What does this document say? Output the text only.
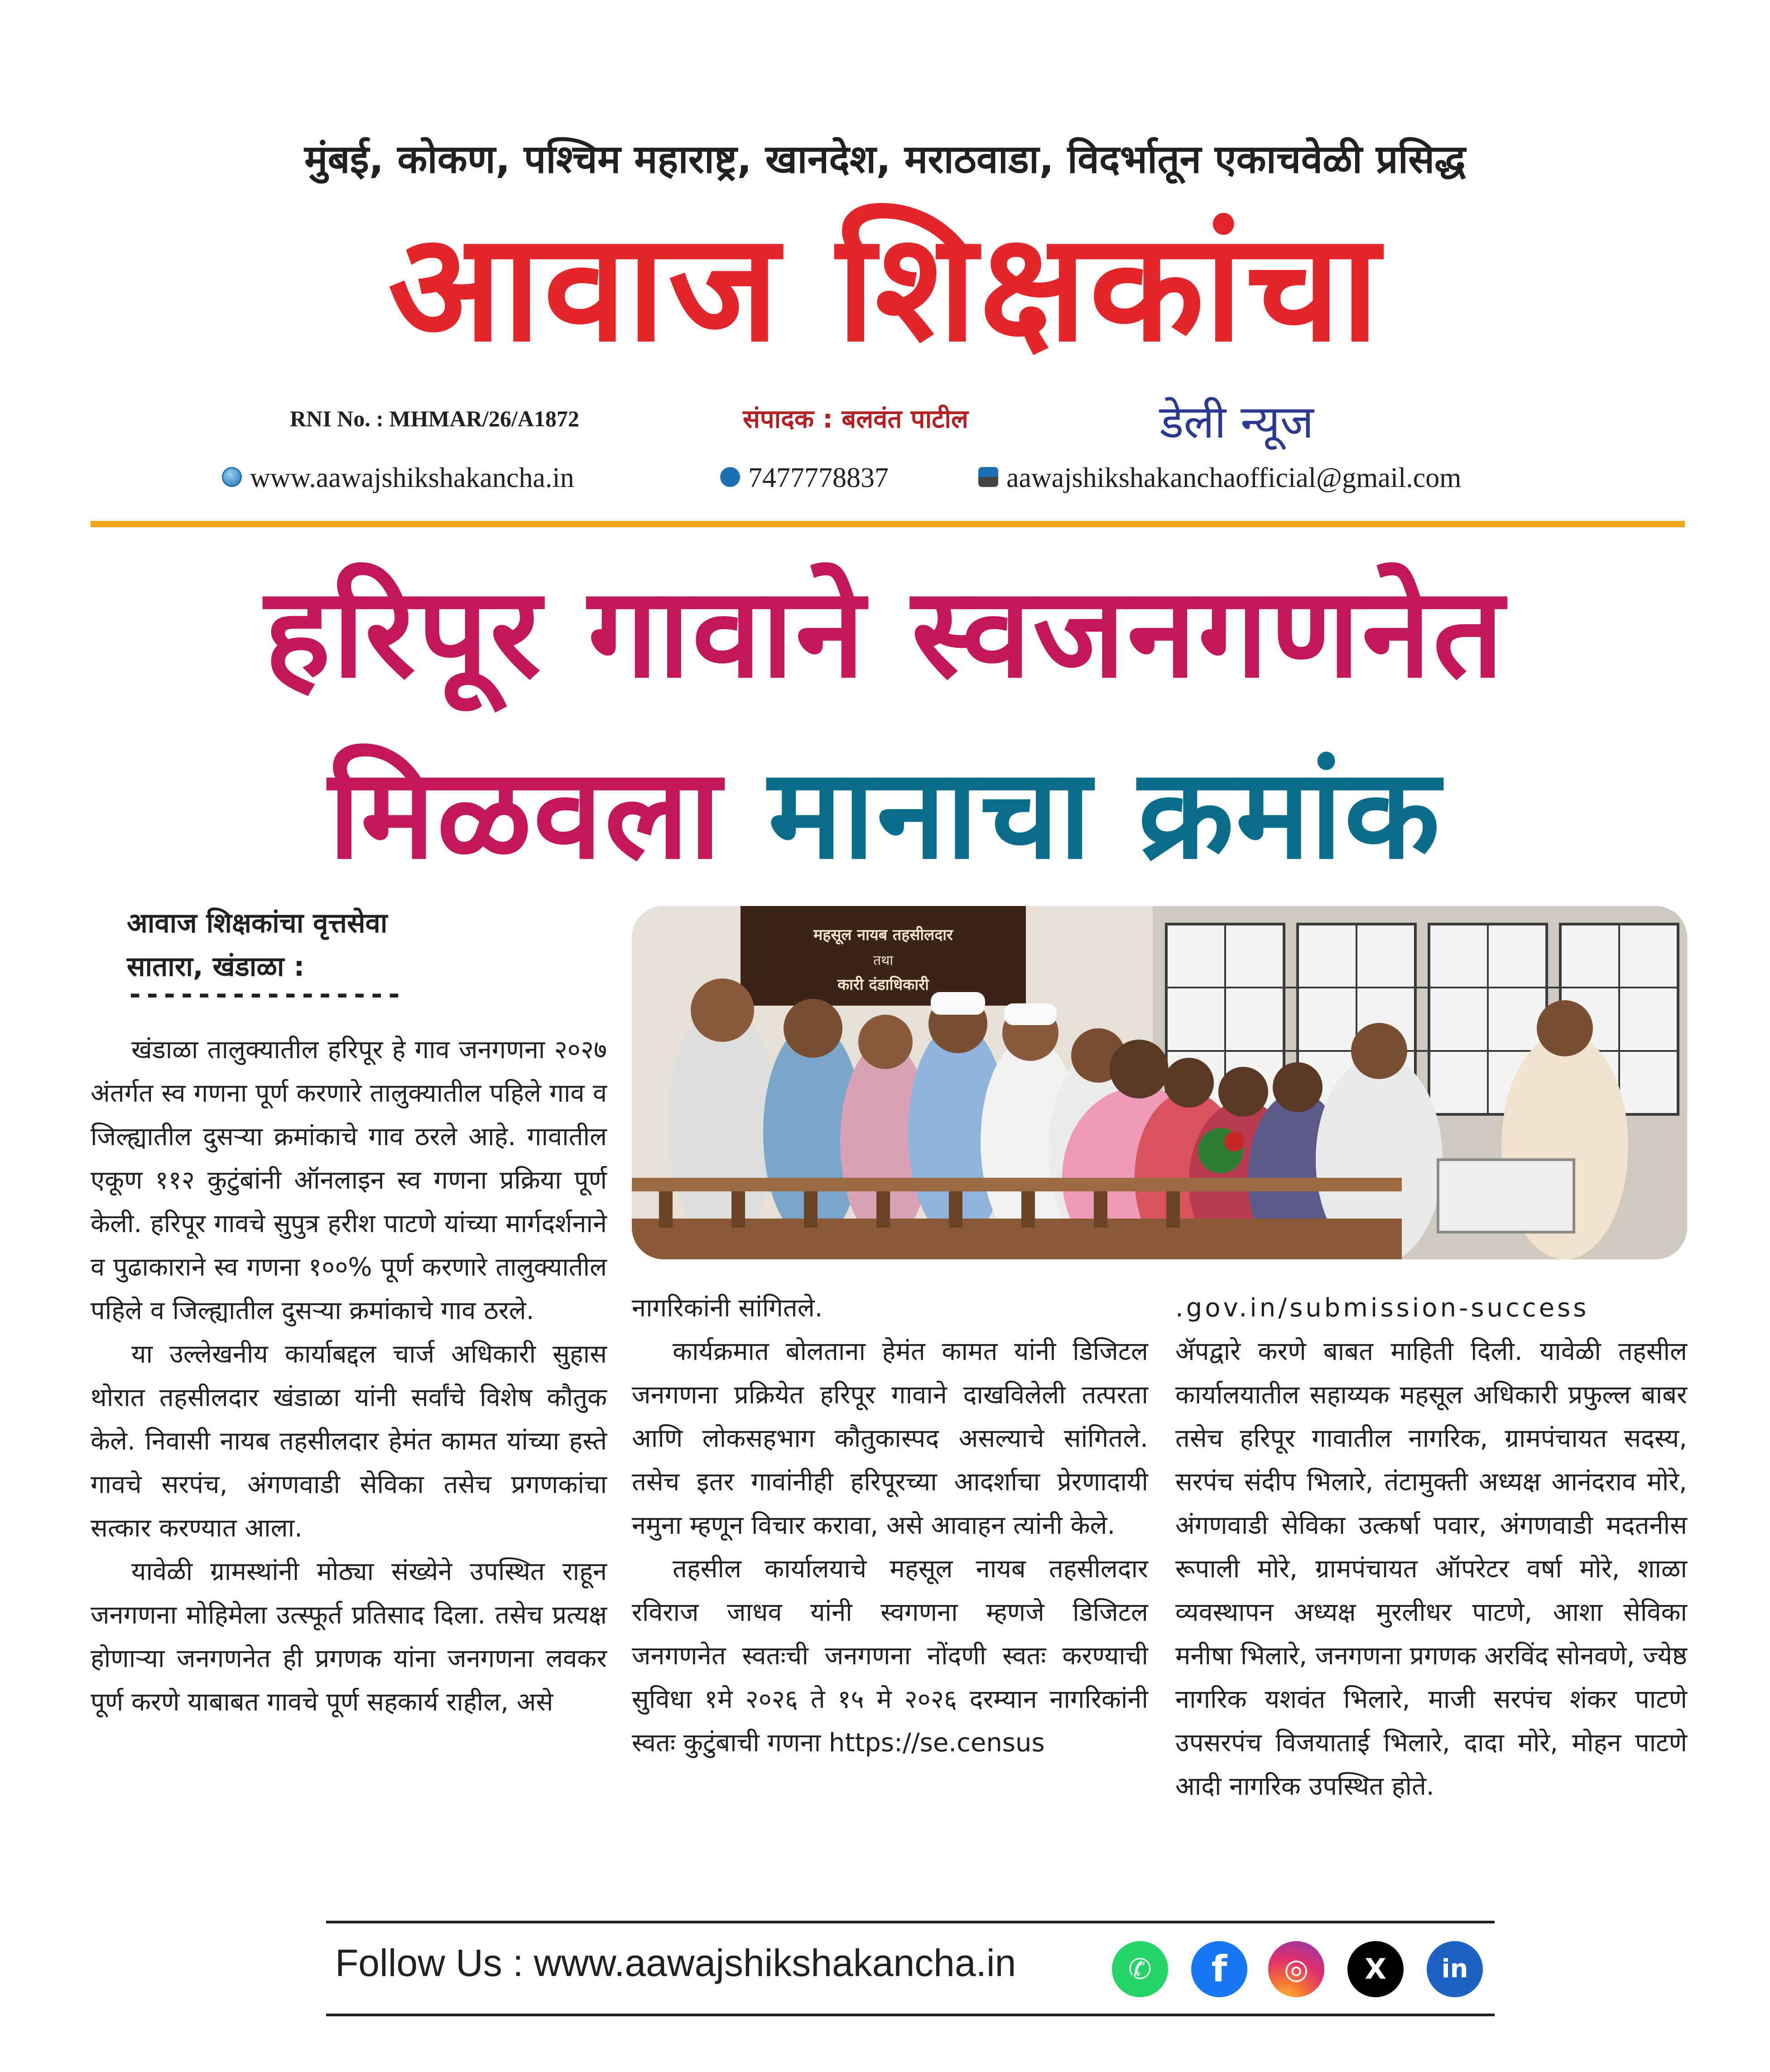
मुंबई, कोकण, पश्चिम महाराष्ट्र, खानदेश, मराठवाडा, विदर्भातून एकाचवेळी प्रसिद्ध
आवाज शिक्षकांचा
RNI No. : MHMAR/26/A1872	संपादक : बलवंत पाटील	डेली न्यूज
www.aawajshikshakancha.in	7477778837	aawajshikshakanchaofficial@gmail.com
हरिपूर गावाने स्वजनगणनेत
मिळवला मानाचा क्रमांक
आवाज शिक्षकांचा वृत्तसेवा
सातारा, खंडाळा :
----------------
महसूल नायब तहसीलदार
तथा
कारी दंडाधिकारी

खंडाळा तालुक्यातील हरिपूर हे गाव जनगणना २०२७ अंतर्गत स्व गणना पूर्ण करणारे तालुक्यातील पहिले गाव व जिल्ह्यातील दुसऱ्या क्रमांकाचे गाव ठरले आहे. गावातील एकूण ११२ कुटुंबांनी ऑनलाइन स्व गणना प्रक्रिया पूर्ण केली. हरिपूर गावचे सुपुत्र हरीश पाटणे यांच्या मार्गदर्शनाने व पुढाकाराने स्व गणना १००% पूर्ण करणारे तालुक्यातील पहिले व जिल्ह्यातील दुसऱ्या क्रमांकाचे गाव ठरले.

या उल्लेखनीय कार्याबद्दल चार्ज अधिकारी सुहास थोरात तहसीलदार खंडाळा यांनी सर्वांचे विशेष कौतुक केले. निवासी नायब तहसीलदार हेमंत कामत यांच्या हस्ते गावचे सरपंच, अंगणवाडी सेविका तसेच प्रगणकांचा सत्कार करण्यात आला.

यावेळी ग्रामस्थांनी मोठ्या संख्येने उपस्थित राहून जनगणना मोहिमेला उत्स्फूर्त प्रतिसाद दिला. तसेच प्रत्यक्ष होणाऱ्या जनगणनेत ही प्रगणक यांना जनगणना लवकर पूर्ण करणे याबाबत गावचे पूर्ण सहकार्य राहील, असे

नागरिकांनी सांगितले.

कार्यक्रमात बोलताना हेमंत कामत यांनी डिजिटल जनगणना प्रक्रियेत हरिपूर गावाने दाखविलेली तत्परता आणि लोकसहभाग कौतुकास्पद असल्याचे सांगितले. तसेच इतर गावांनीही हरिपूरच्या आदर्शाचा प्रेरणादायी नमुना म्हणून विचार करावा, असे आवाहन त्यांनी केले.

तहसील कार्यालयाचे महसूल नायब तहसीलदार रविराज जाधव यांनी स्वगणना म्हणजे डिजिटल जनगणनेत स्वतःची जनगणना नोंदणी स्वतः करण्याची सुविधा १मे २०२६ ते १५ मे २०२६ दरम्यान नागरिकांनी स्वतः कुटुंबाची गणना https://se.census

.gov.in/submission-success

ॲपद्वारे करणे बाबत माहिती दिली. यावेळी तहसील कार्यालयातील सहाय्यक महसूल अधिकारी प्रफुल्ल बाबर तसेच हरिपूर गावातील नागरिक, ग्रामपंचायत सदस्य, सरपंच संदीप भिलारे, तंटामुक्ती अध्यक्ष आनंदराव मोरे, अंगणवाडी सेविका उत्कर्षा पवार, अंगणवाडी मदतनीस रूपाली मोरे, ग्रामपंचायत ऑपरेटर वर्षा मोरे, शाळा व्यवस्थापन अध्यक्ष मुरलीधर पाटणे, आशा सेविका मनीषा भिलारे, जनगणना प्रगणक अरविंद सोनवणे, ज्येष्ठ नागरिक यशवंत भिलारे, माजी सरपंच शंकर पाटणे उपसरपंच विजयाताई भिलारे, दादा मोरे, मोहन पाटणे आदी नागरिक उपस्थित होते.

Follow Us : www.aawajshikshakancha.in	✆	f	◎	X	in
